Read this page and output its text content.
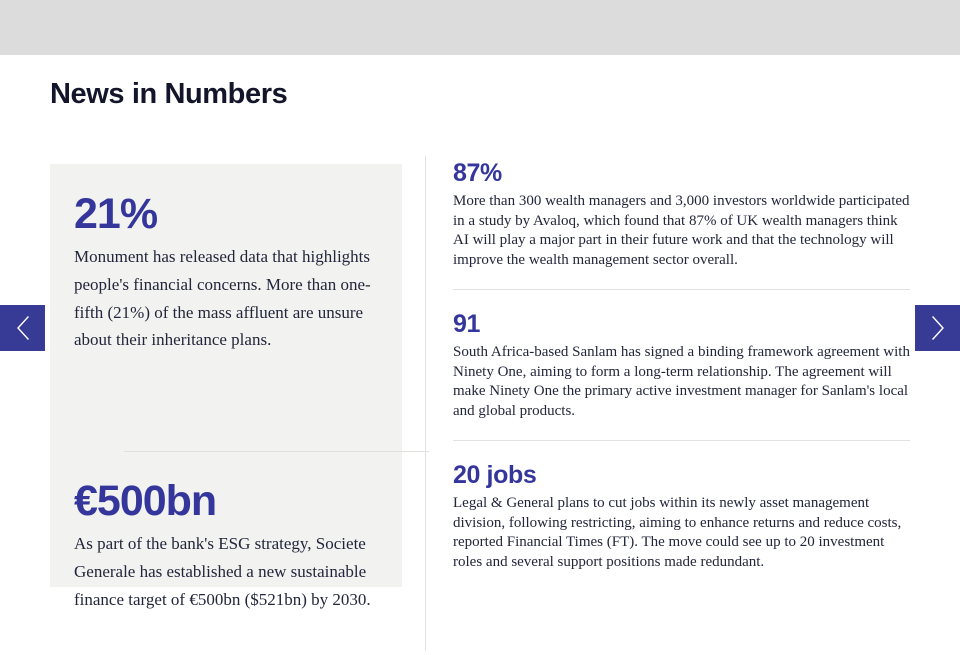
News in Numbers
21%

Monument has released data that highlights people's financial concerns. More than one-fifth (21%) of the mass affluent are unsure about their inheritance plans.

€500bn

As part of the bank's ESG strategy, Societe Generale has established a new sustainable finance target of €500bn ($521bn) by 2030.

87%

More than 300 wealth managers and 3,000 investors worldwide participated in a study by Avaloq, which found that 87% of UK wealth managers think AI will play a major part in their future work and that the technology will improve the wealth management sector overall.

91

South Africa-based Sanlam has signed a binding framework agreement with Ninety One, aiming to form a long-term relationship. The agreement will make Ninety One the primary active investment manager for Sanlam's local and global products.

20 jobs

Legal & General plans to cut jobs within its newly asset management division, following restricting, aiming to enhance returns and reduce costs, reported Financial Times (FT). The move could see up to 20 investment roles and several support positions made redundant.
